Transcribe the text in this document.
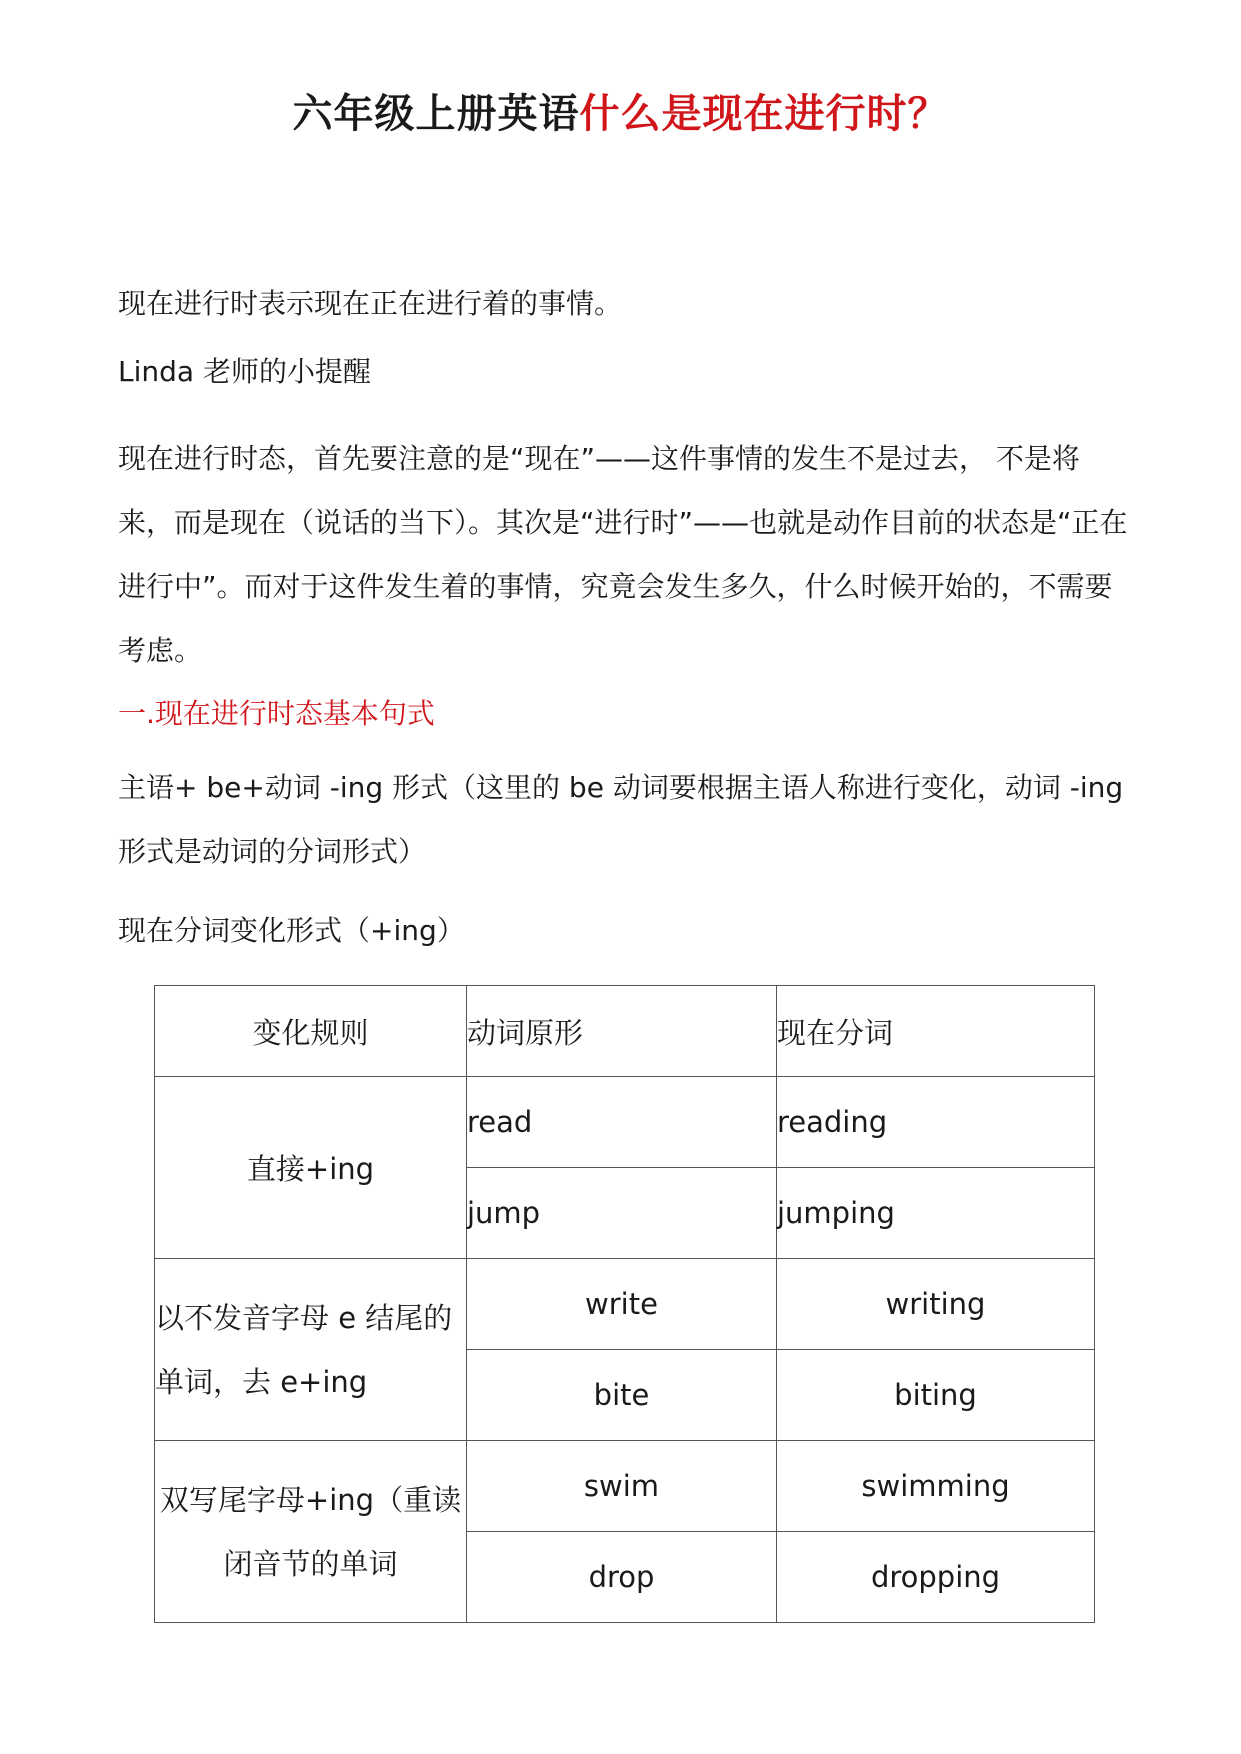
六年级上册英语什么是现在进行时？
现在进行时表示现在正在进行着的事情。
Linda 老师的小提醒
现在进行时态，首先要注意的是“现在”——这件事情的发生不是过去， 不是将来，而是现在（说话的当下）。其次是“进行时”——也就是动作目前的状态是“正在进行中”。而对于这件发生着的事情，究竟会发生多久，什么时候开始的，不需要考虑。
一.现在进行时态基本句式
主语+ be+动词 -ing 形式（这里的 be 动词要根据主语人称进行变化，动词 -ing 形式是动词的分词形式）
现在分词变化形式（+ing）
变化规则	动词原形	现在分词
直接+ing	read	reading
	jump	jumping
以不发音字母 e 结尾的单词，去 e+ing	write	writing
	bite	biting
双写尾字母+ing（重读闭音节的单词	swim	swimming
	drop	dropping
